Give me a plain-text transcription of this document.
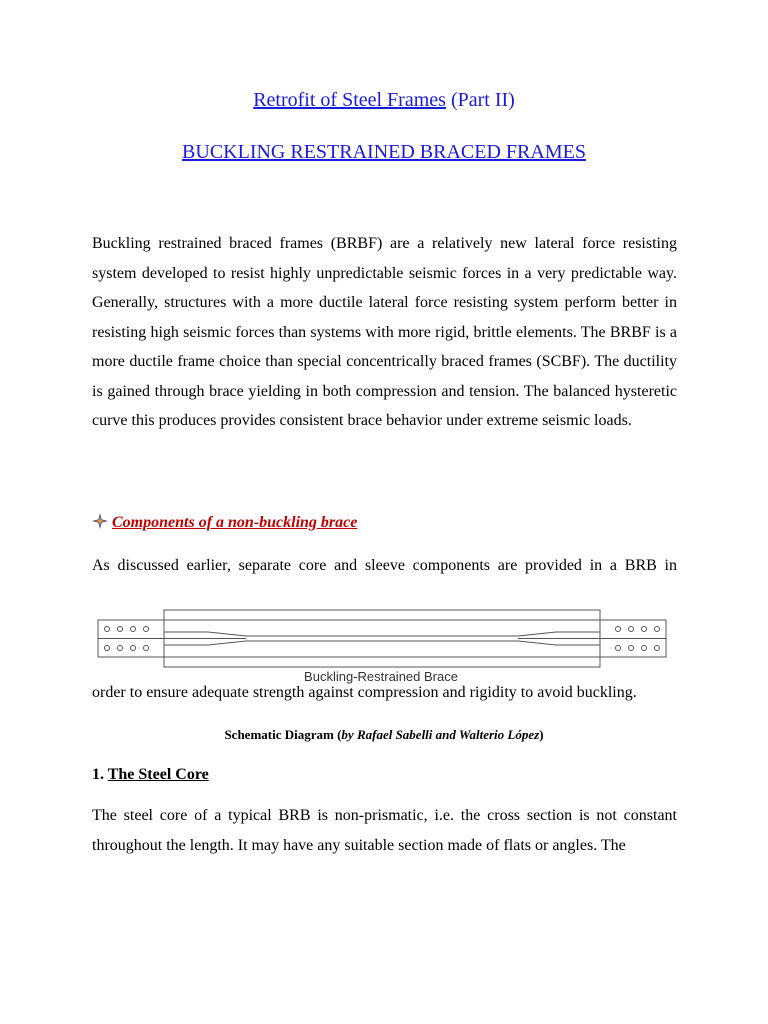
Retrofit of Steel Frames (Part II)
BUCKLING RESTRAINED BRACED FRAMES
Buckling restrained braced frames (BRBF) are a relatively new lateral force resisting system developed to resist highly unpredictable seismic forces in a very predictable way. Generally, structures with a more ductile lateral force resisting system perform better in resisting high seismic forces than systems with more rigid, brittle elements. The BRBF is a more ductile frame choice than special concentrically braced frames (SCBF). The ductility is gained through brace yielding in both compression and tension. The balanced hysteretic curve this produces provides consistent brace behavior under extreme seismic loads.
Components of a non-buckling brace
As discussed earlier, separate core and sleeve components are provided in a BRB in
Buckling-Restrained Brace
order to ensure adequate strength against compression and rigidity to avoid buckling.
Schematic Diagram (by Rafael Sabelli and Walterio López)
1. The Steel Core
The steel core of a typical BRB is non-prismatic, i.e. the cross section is not constant throughout the length. It may have any suitable section made of flats or angles. The
